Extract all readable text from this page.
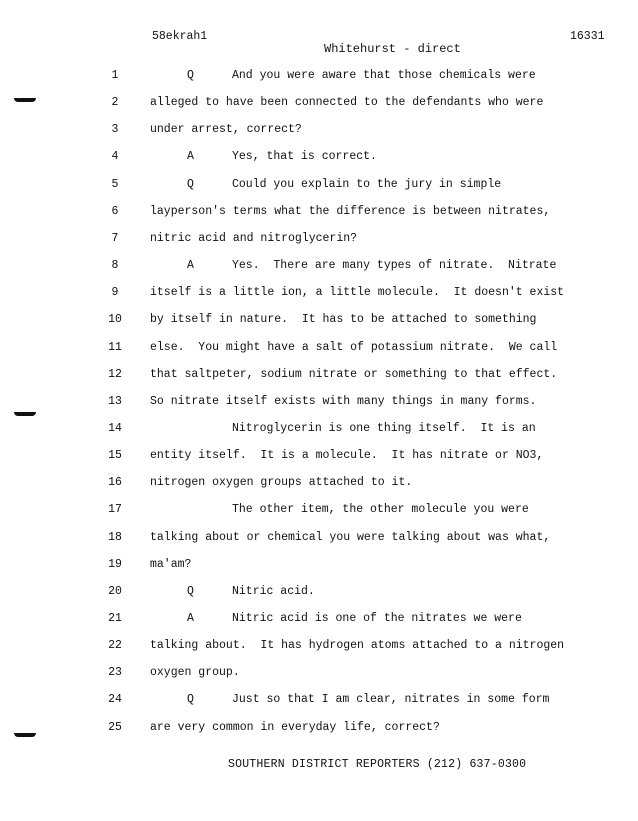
58ekrah1	16331
Whitehurst - direct
1	Q	And you were aware that those chemicals were
2	alleged to have been connected to the defendants who were
3	under arrest, correct?
4	A	Yes, that is correct.
5	Q	Could you explain to the jury in simple
6	layperson's terms what the difference is between nitrates,
7	nitric acid and nitroglycerin?
8	A	Yes.  There are many types of nitrate.  Nitrate
9	itself is a little ion, a little molecule.  It doesn't exist
10	by itself in nature.  It has to be attached to something
11	else.  You might have a salt of potassium nitrate.  We call
12	that saltpeter, sodium nitrate or something to that effect.
13	So nitrate itself exists with many things in many forms.
14	Nitroglycerin is one thing itself.  It is an
15	entity itself.  It is a molecule.  It has nitrate or NO3,
16	nitrogen oxygen groups attached to it.
17	The other item, the other molecule you were
18	talking about or chemical you were talking about was what,
19	ma'am?
20	Q	Nitric acid.
21	A	Nitric acid is one of the nitrates we were
22	talking about.  It has hydrogen atoms attached to a nitrogen
23	oxygen group.
24	Q	Just so that I am clear, nitrates in some form
25	are very common in everyday life, correct?
SOUTHERN DISTRICT REPORTERS (212) 637-0300
